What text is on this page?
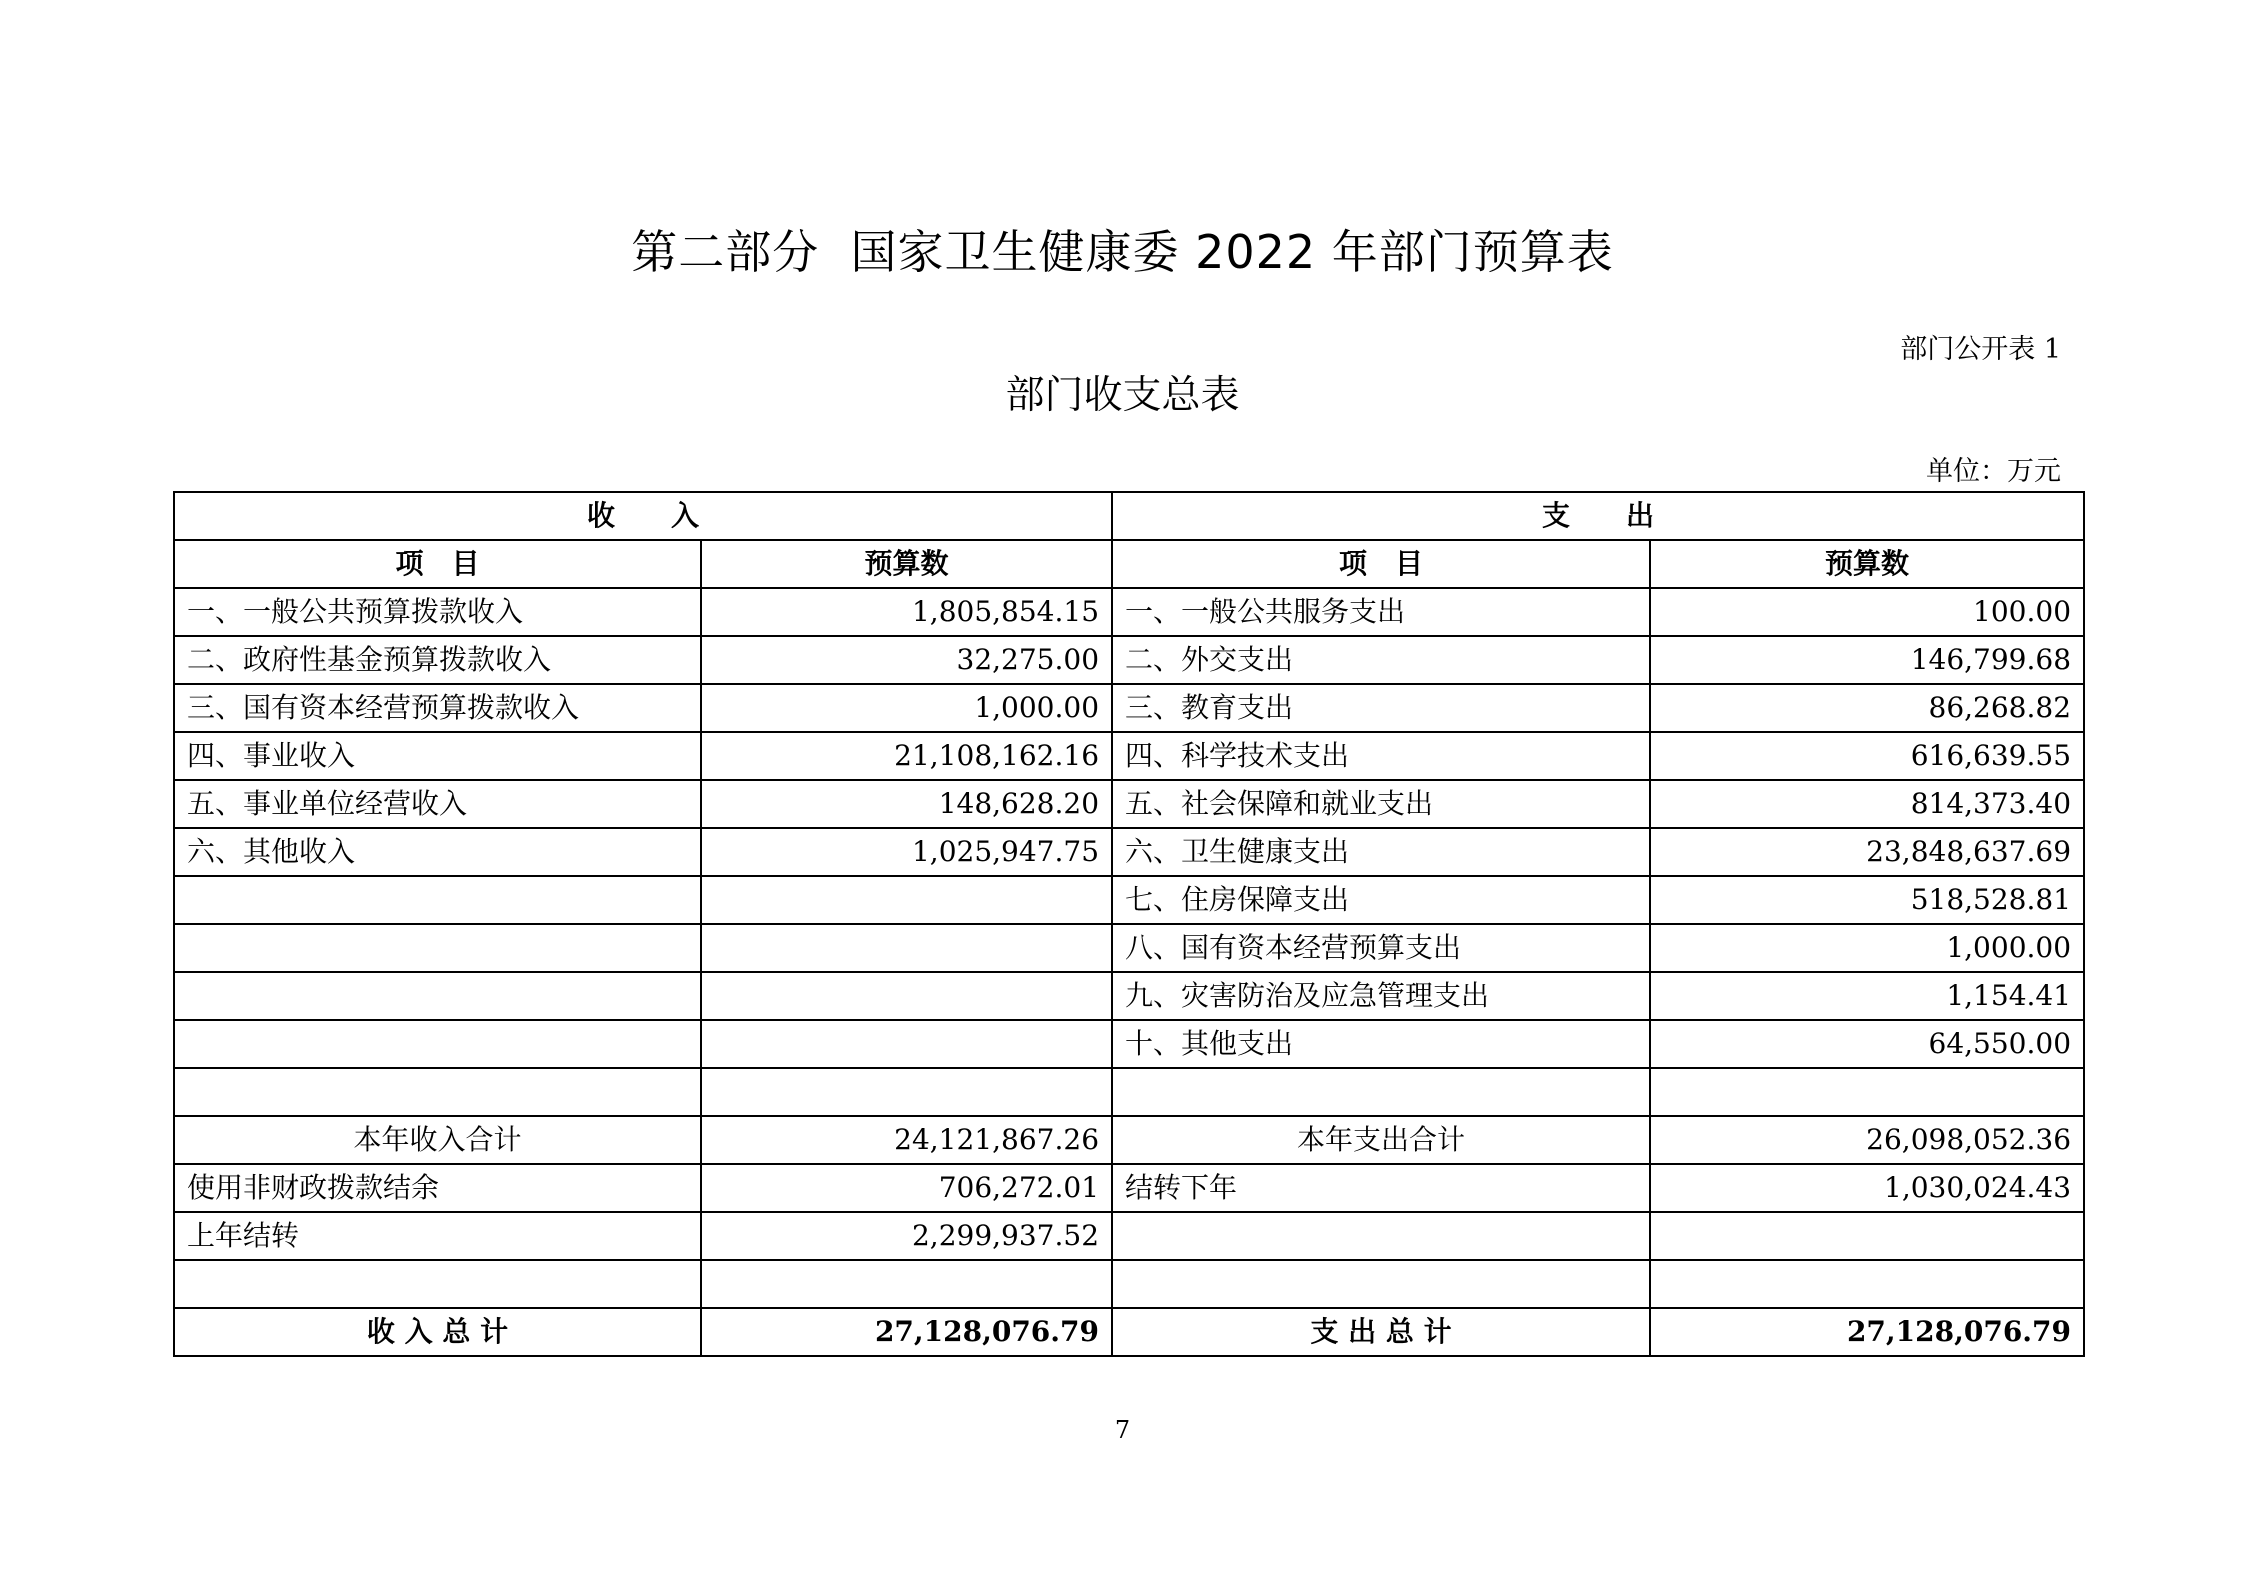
第二部分  国家卫生健康委 2022 年部门预算表
部门公开表 1
部门收支总表
单位：万元
收　　入		支　　出	
项　目	预算数	项　目	预算数
一、一般公共预算拨款收入	1,805,854.15	一、一般公共服务支出	100.00
二、政府性基金预算拨款收入	32,275.00	二、外交支出	146,799.68
三、国有资本经营预算拨款收入	1,000.00	三、教育支出	86,268.82
四、事业收入	21,108,162.16	四、科学技术支出	616,639.55
五、事业单位经营收入	148,628.20	五、社会保障和就业支出	814,373.40
六、其他收入	1,025,947.75	六、卫生健康支出	23,848,637.69
		七、住房保障支出	518,528.81
		八、国有资本经营预算支出	1,000.00
		九、灾害防治及应急管理支出	1,154.41
		十、其他支出	64,550.00

本年收入合计	24,121,867.26	本年支出合计	26,098,052.36
使用非财政拨款结余	706,272.01	结转下年	1,030,024.43
上年结转	2,299,937.52		

收 入 总 计	27,128,076.79	支 出 总 计	27,128,076.79
7
